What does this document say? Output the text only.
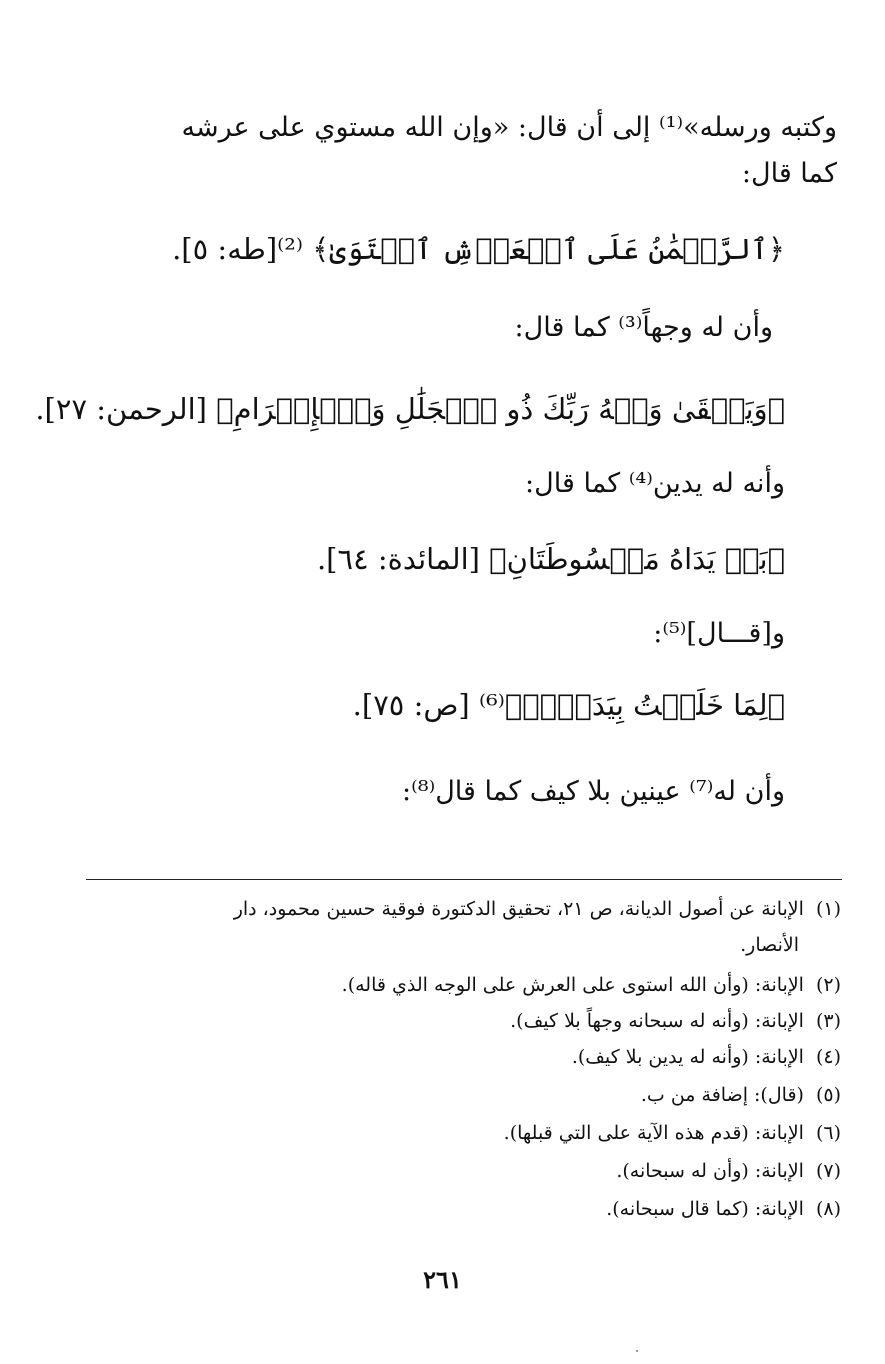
وكتبه ورسله»⁽¹⁾ إلى أن قال: «وإن الله مستوي على عرشه
كما قال:
﴿ٱلرَّحۡمَٰنُ عَلَى ٱلۡعَرۡشِ ٱسۡتَوَىٰ﴾ ⁽²⁾[طه: ٥].
وأن له وجهاً⁽³⁾ كما قال:
﴿وَيَبۡقَىٰ وَجۡهُ رَبِّكَ ذُو ٱلۡجَلَٰلِ وَٱلۡإِكۡرَامِ﴾ [الرحمن: ٢٧].
وأنه له يدين⁽⁴⁾ كما قال:
﴿بَلۡ يَدَاهُ مَبۡسُوطَتَانِ﴾ [المائدة: ٦٤].
و[قـــال]⁽⁵⁾:
﴿لِمَا خَلَقۡتُ بِيَدَيَّۖ﴾⁽⁶⁾ [ص: ٧٥].
وأن له⁽⁷⁾ عينين بلا كيف كما قال⁽⁸⁾:
(١)الإبانة عن أصول الديانة، ص ٢١، تحقيق الدكتورة فوقية حسين محمود، دار
الأنصار.
(٢)الإبانة: (وأن الله استوى على العرش على الوجه الذي قاله).
(٣)الإبانة: (وأنه له سبحانه وجهاً بلا كيف).
(٤)الإبانة: (وأنه له يدين بلا كيف).
(٥)(قال): إضافة من ب.
(٦)الإبانة: (قدم هذه الآية على التي قبلها).
(٧)الإبانة: (وأن له سبحانه).
(٨)الإبانة: (كما قال سبحانه).
٢٦١
